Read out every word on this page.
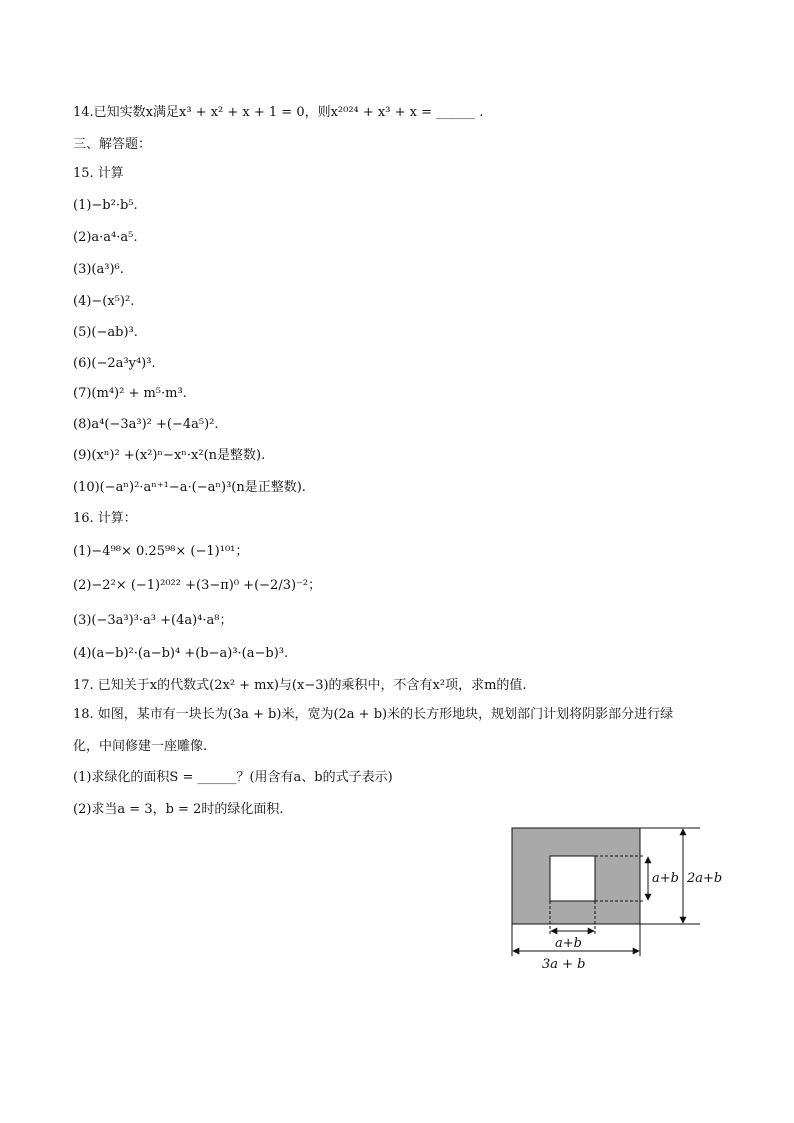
14.已知实数x满足x³ + x² + x + 1 = 0，则x²⁰²⁴ + x³ + x = ______ .
三、解答题：
15. 计算
(1)−b²·b⁵.
(2)a·a⁴·a⁵.
(3)(a³)⁶.
(4)−(x⁵)².
(5)(−ab)³.
(6)(−2a³y⁴)³.
(7)(m⁴)² + m⁵·m³.
(8)a⁴(−3a³)² +(−4a⁵)².
(9)(xⁿ)² +(x²)ⁿ−xⁿ·x²(n是整数).
(10)(−aⁿ)²·aⁿ⁺¹−a·(−aⁿ)³(n是正整数).
16. 计算：
(1)−4⁹⁸× 0.25⁹⁸× (−1)¹⁰¹；
(2)−2²× (−1)²⁰²² +(3−π)⁰ +(−2/3)⁻²；
(3)(−3a³)³·a³ +(4a)⁴·a⁸；
(4)(a−b)²·(a−b)⁴ +(b−a)³·(a−b)³.
17. 已知关于x的代数式(2x² + mx)与(x−3)的乘积中，不含有x²项，求m的值.
18. 如图，某市有一块长为(3a + b)米，宽为(2a + b)米的长方形地块，规划部门计划将阴影部分进行绿
化，中间修建一座雕像.
(1)求绿化的面积S = ______？(用含有a、b的式子表示)
(2)求当a = 3，b = 2时的绿化面积.
a+b 2a+b
a+b
3a + b
